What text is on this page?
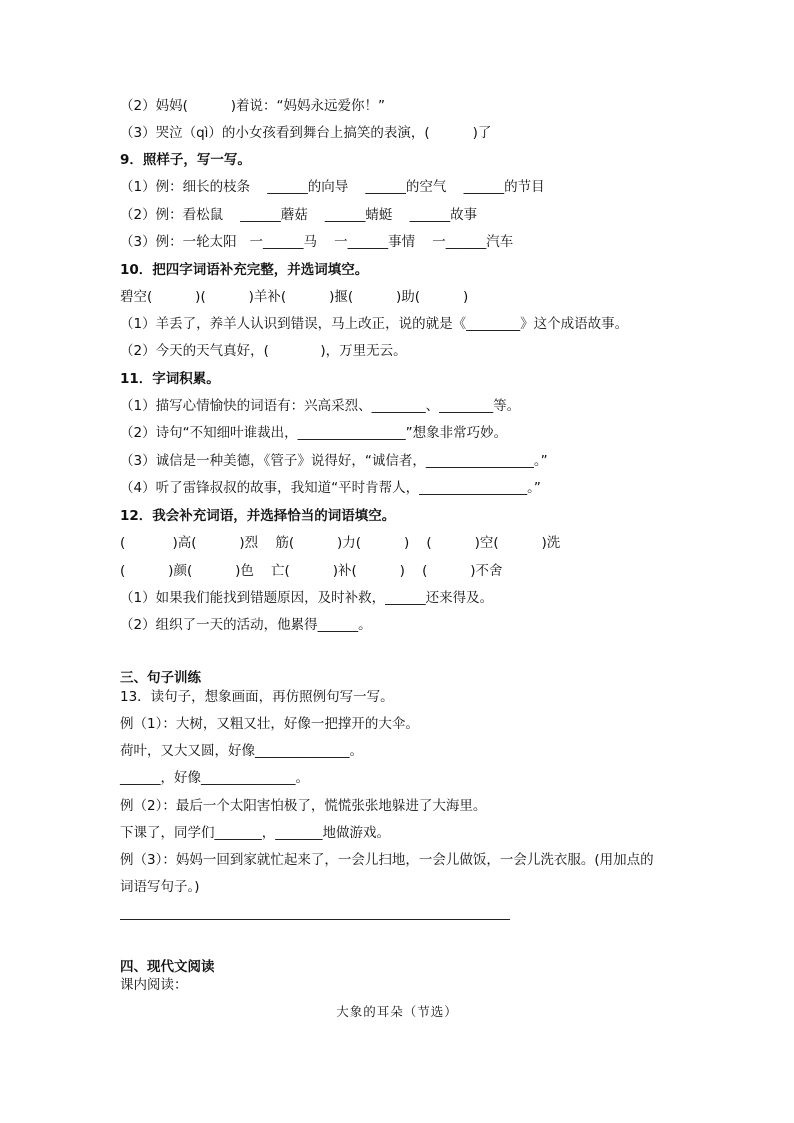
（2）妈妈(          )着说：“妈妈永远爱你！”
（3）哭泣（qì）的小女孩看到舞台上搞笑的表演，(          )了
9．照样子，写一写。
（1）例：细长的枝条    ______的向导    ______的空气    ______的节目
（2）例：看松鼠    ______蘑菇    ______蜻蜓    ______故事
（3）例：一轮太阳   一______马    一______事情    一______汽车
10．把四字词语补充完整，并选词填空。
碧空(          )(          )羊补(          )揠(          )助(          )
（1）羊丢了，养羊人认识到错误，马上改正，说的就是《________》这个成语故事。
（2）今天的天气真好，(            )，万里无云。
11．字词积累。
（1）描写心情愉快的词语有：兴高采烈、________、________等。
（2）诗句“不知细叶谁裁出，________________”想象非常巧妙。
（3）诚信是一种美德，《管子》说得好，“诚信者，________________。”
（4）听了雷锋叔叔的故事，我知道“平时肯帮人，________________。”
12．我会补充词语，并选择恰当的词语填空。
(           )高(          )烈    筋(          )力(          )    (          )空(          )洗
(          )颜(          )色    亡(          )补(          )    (          )不舍
（1）如果我们能找到错题原因，及时补救，______还来得及。
（2）组织了一天的活动，他累得______。
三、句子训练
13．读句子，想象画面，再仿照例句写一写。
例（1）：大树，又粗又壮，好像一把撑开的大伞。
荷叶，又大又圆，好像______________。
______，好像______________。
例（2）：最后一个太阳害怕极了，慌慌张张地躲进了大海里。
下课了，同学们_______，_______地做游戏。
例（3）：妈妈一回到家就忙起来了，一会儿扫地，一会儿做饭，一会儿洗衣服。(用加点的
词语写句子。)
四、现代文阅读
课内阅读：
大象的耳朵（节选）
